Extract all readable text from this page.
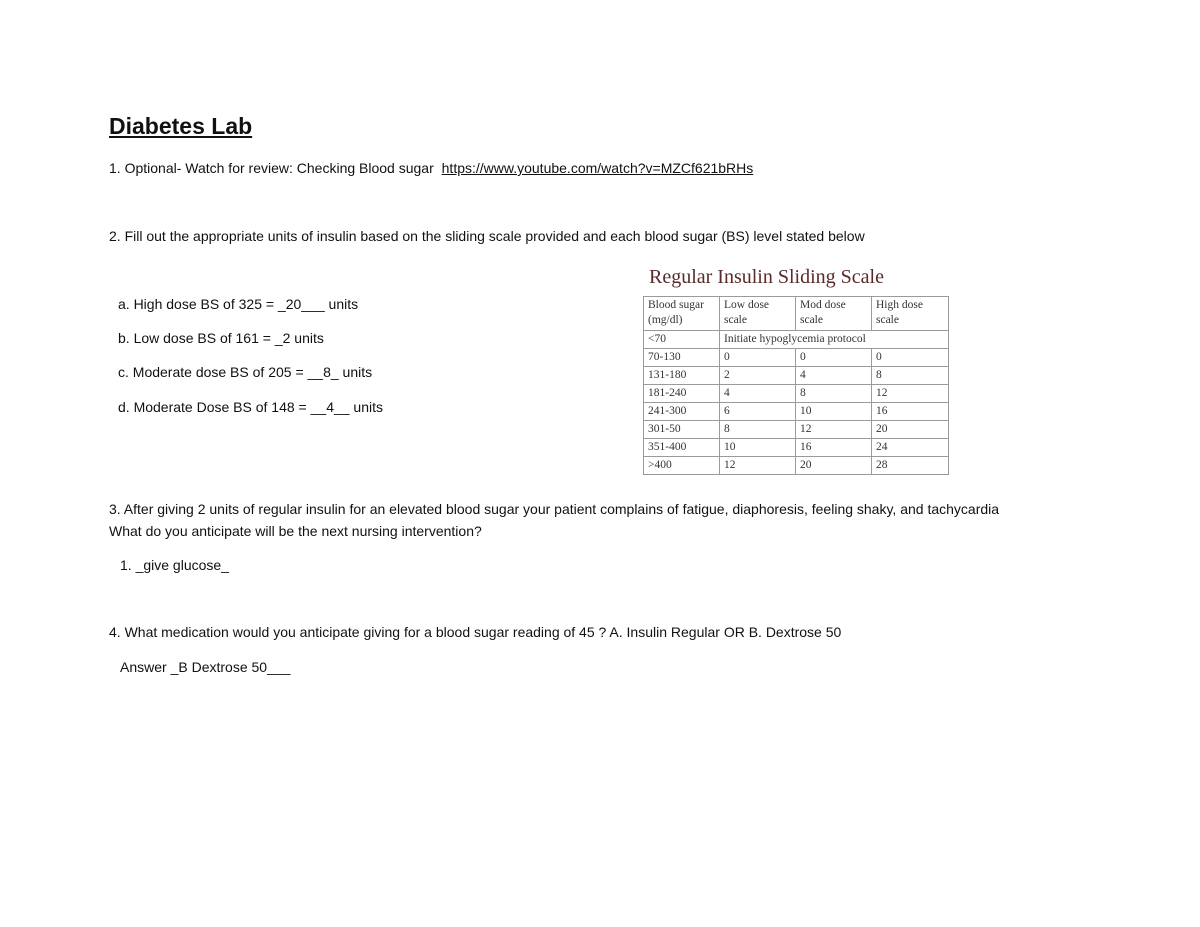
Diabetes Lab
1. Optional- Watch for review: Checking Blood sugar https://www.youtube.com/watch?v=MZCf621bRHs
2. Fill out the appropriate units of insulin based on the sliding scale provided and each blood sugar (BS) level stated below
a. High dose BS of 325 = _20___ units
b. Low dose BS of 161 = _2 units
c. Moderate dose BS of 205 = __8_ units
d. Moderate Dose BS of 148 = __4__ units
Regular Insulin Sliding Scale
Blood sugar (mg/dl)	Low dose scale	Mod dose scale	High dose scale
<70	Initiate hypoglycemia protocol		
70-130	0	0	0
131-180	2	4	8
181-240	4	8	12
241-300	6	10	16
301-50	8	12	20
351-400	10	16	24
>400	12	20	28
3. After giving 2 units of regular insulin for an elevated blood sugar your patient complains of fatigue, diaphoresis, feeling shaky, and tachycardia
What do you anticipate will be the next nursing intervention?
1. _give glucose_
4. What medication would you anticipate giving for a blood sugar reading of 45 ? A. Insulin Regular OR B. Dextrose 50
Answer _B Dextrose 50___
